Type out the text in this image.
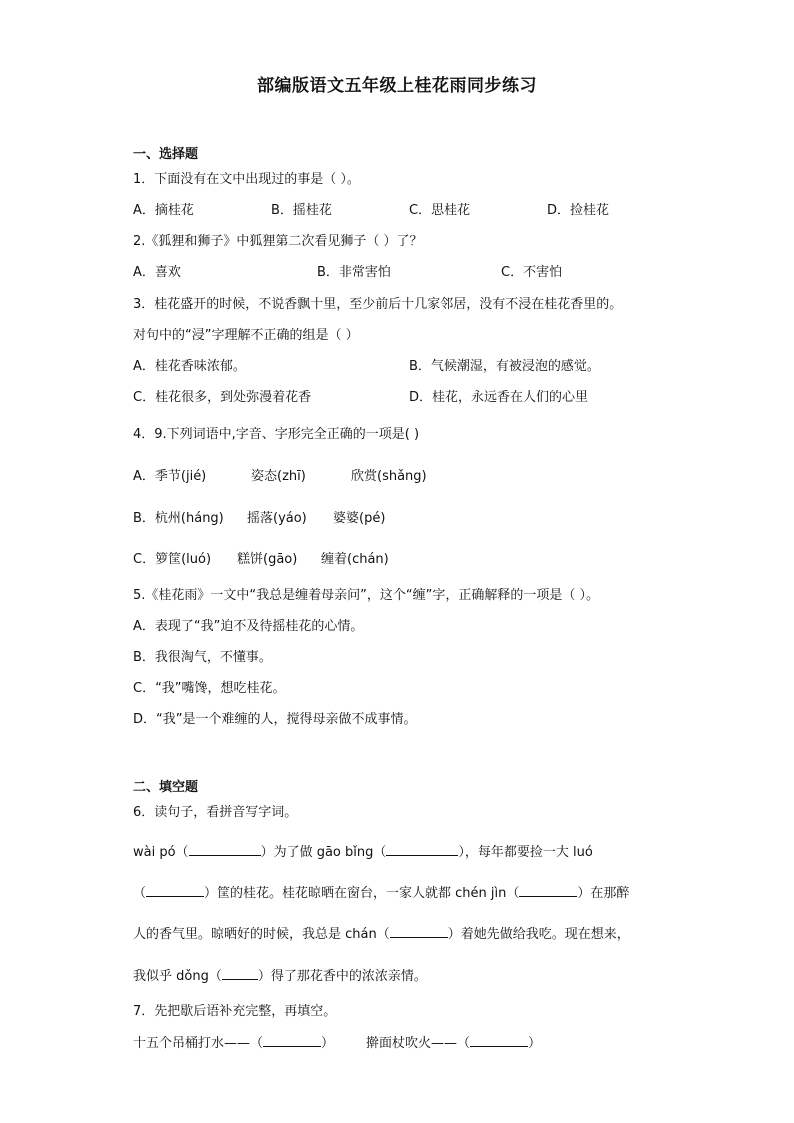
部编版语文五年级上桂花雨同步练习
一、选择题
1．下面没有在文中出现过的事是（ ）。
A．摘桂花	B．摇桂花	C．思桂花	D．捡桂花
2.《狐狸和狮子》中狐狸第二次看见狮子（ ）了？
A．喜欢	B．非常害怕	C．不害怕
3．桂花盛开的时候，不说香飘十里，至少前后十几家邻居，没有不浸在桂花香里的。
对句中的“浸”字理解不正确的组是（ ）
A．桂花香味浓郁。	B．气候潮湿，有被浸泡的感觉。
C．桂花很多，到处弥漫着花香	D．桂花，永远香在人们的心里
4．9.下列词语中,字音、字形完全正确的一项是( )
A．季节(jié)	姿态(zhī)	欣赏(shǎng)
B．杭州(háng) 摇落(yáo) 婆婆(pé)
C．箩筐(luó) 糕饼(gāo) 缠着(chán)
5.《桂花雨》一文中“我总是缠着母亲问”，这个“缠”字，正确解释的一项是（ ）。
A．表现了“我”迫不及待摇桂花的心情。
B．我很淘气，不懂事。
C．“我”嘴馋，想吃桂花。
D．“我”是一个难缠的人，搅得母亲做不成事情。
二、填空题
6．读句子，看拼音写字词。
wài pó（	）为了做 gāo bǐng（	），每年都要捡一大 luó
（	）筐的桂花。桂花晾晒在窗台，一家人就都 chén jìn（	）在那醉
人的香气里。晾晒好的时候，我总是 chán（	）着她先做给我吃。现在想来，
我似乎 dǒng（	）得了那花香中的浓浓亲情。
7．先把歇后语补充完整，再填空。
十五个吊桶打水——（	） 擀面杖吹火——（	）
